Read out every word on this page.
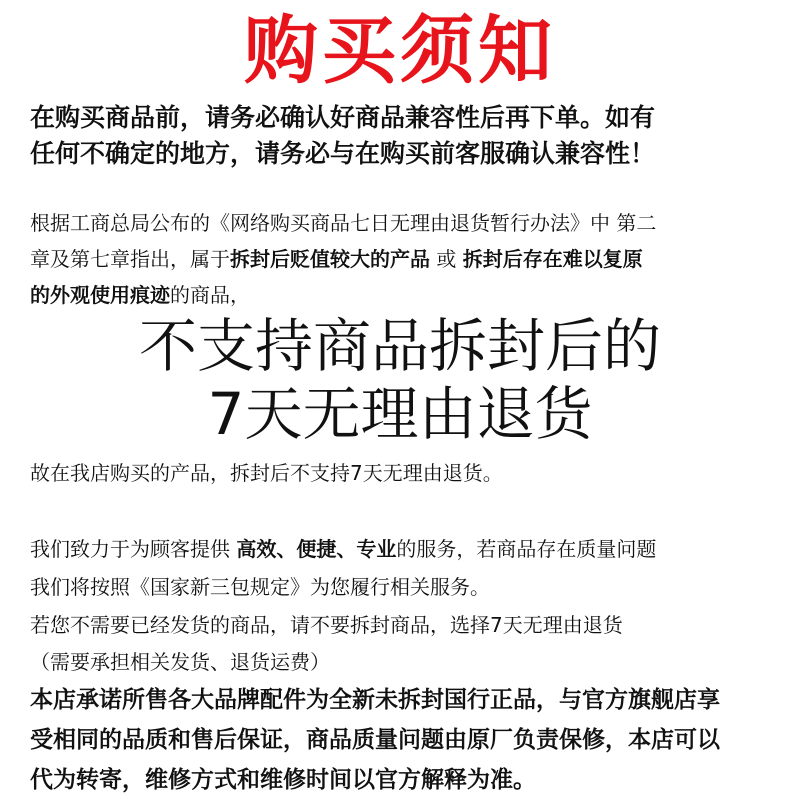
购买须知
在购买商品前，请务必确认好商品兼容性后再下单。如有
任何不确定的地方，请务必与在购买前客服确认兼容性！
根据工商总局公布的《网络购买商品七日无理由退货暂行办法》中 第二
章及第七章指出，属于拆封后贬值较大的产品 或 拆封后存在难以复原
的外观使用痕迹的商品，
不支持商品拆封后的
7天无理由退货
故在我店购买的产品，拆封后不支持7天无理由退货。
我们致力于为顾客提供 高效、便捷、专业的服务，若商品存在质量问题
我们将按照《国家新三包规定》为您履行相关服务。
若您不需要已经发货的商品，请不要拆封商品，选择7天无理由退货
（需要承担相关发货、退货运费）
本店承诺所售各大品牌配件为全新未拆封国行正品，与官方旗舰店享
受相同的品质和售后保证，商品质量问题由原厂负责保修，本店可以
代为转寄，维修方式和维修时间以官方解释为准。
